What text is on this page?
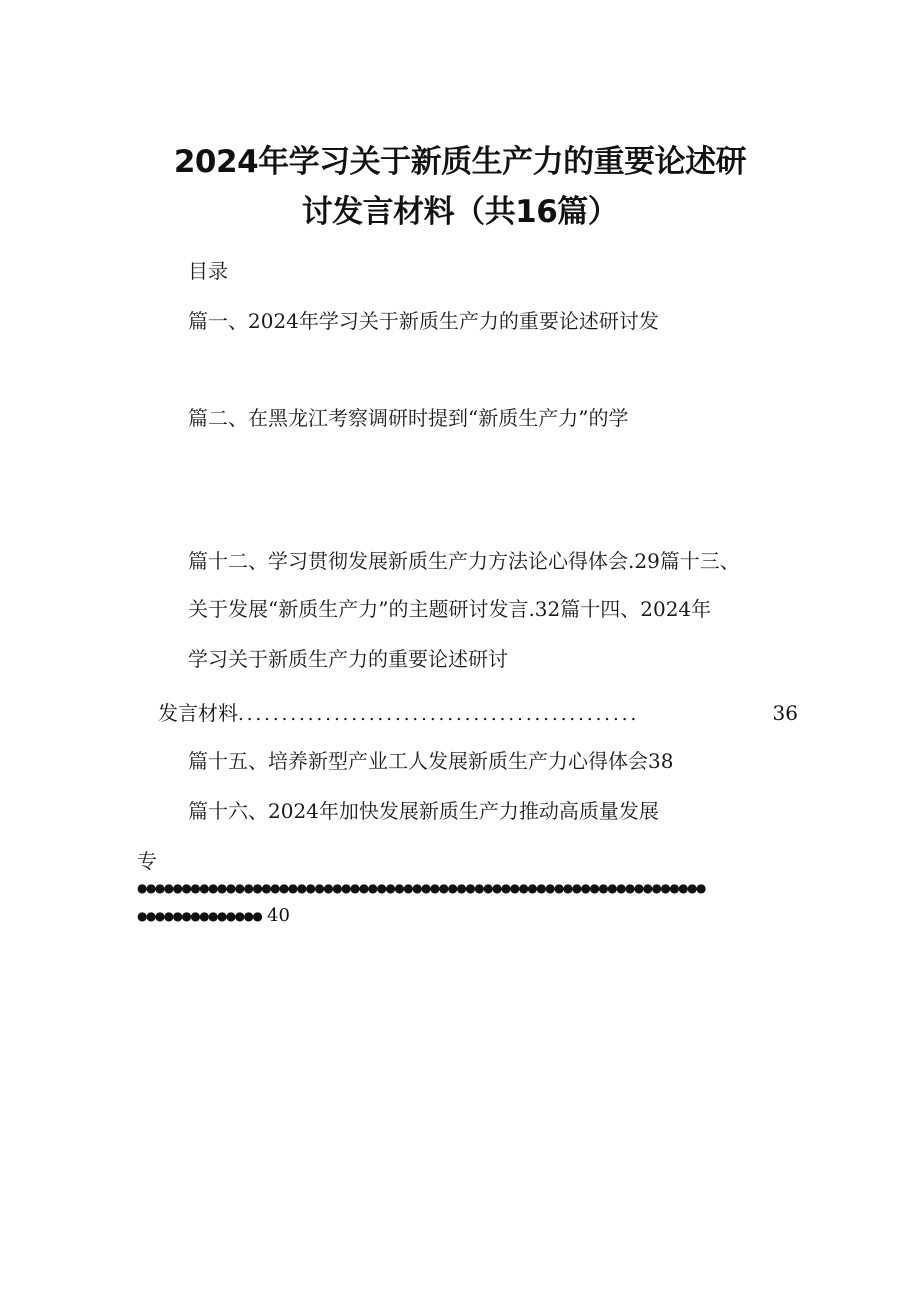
2024年学习关于新质生产力的重要论述研
讨发言材料（共16篇）
目录
篇一、2024年学习关于新质生产力的重要论述研讨发
篇二、在黑龙江考察调研时提到“新质生产力”的学
篇十二、学习贯彻发展新质生产力方法论心得体会.29篇十三、
关于发展“新质生产力”的主题研讨发言.32篇十四、2024年
学习关于新质生产力的重要论述研讨
发言材料 ..............................................	36
篇十五、培养新型产业工人发展新质生产力心得体会38
篇十六、2024年加快发展新质生产力推动高质量发展
专
●●●●●●●●●●●●●●●●●●●●●●●●●●●●●●●●●●●●●●●●●●●●●●●●●●●●●●●●●●●●●●●●
●●●●●●●●●●●●●● 40
